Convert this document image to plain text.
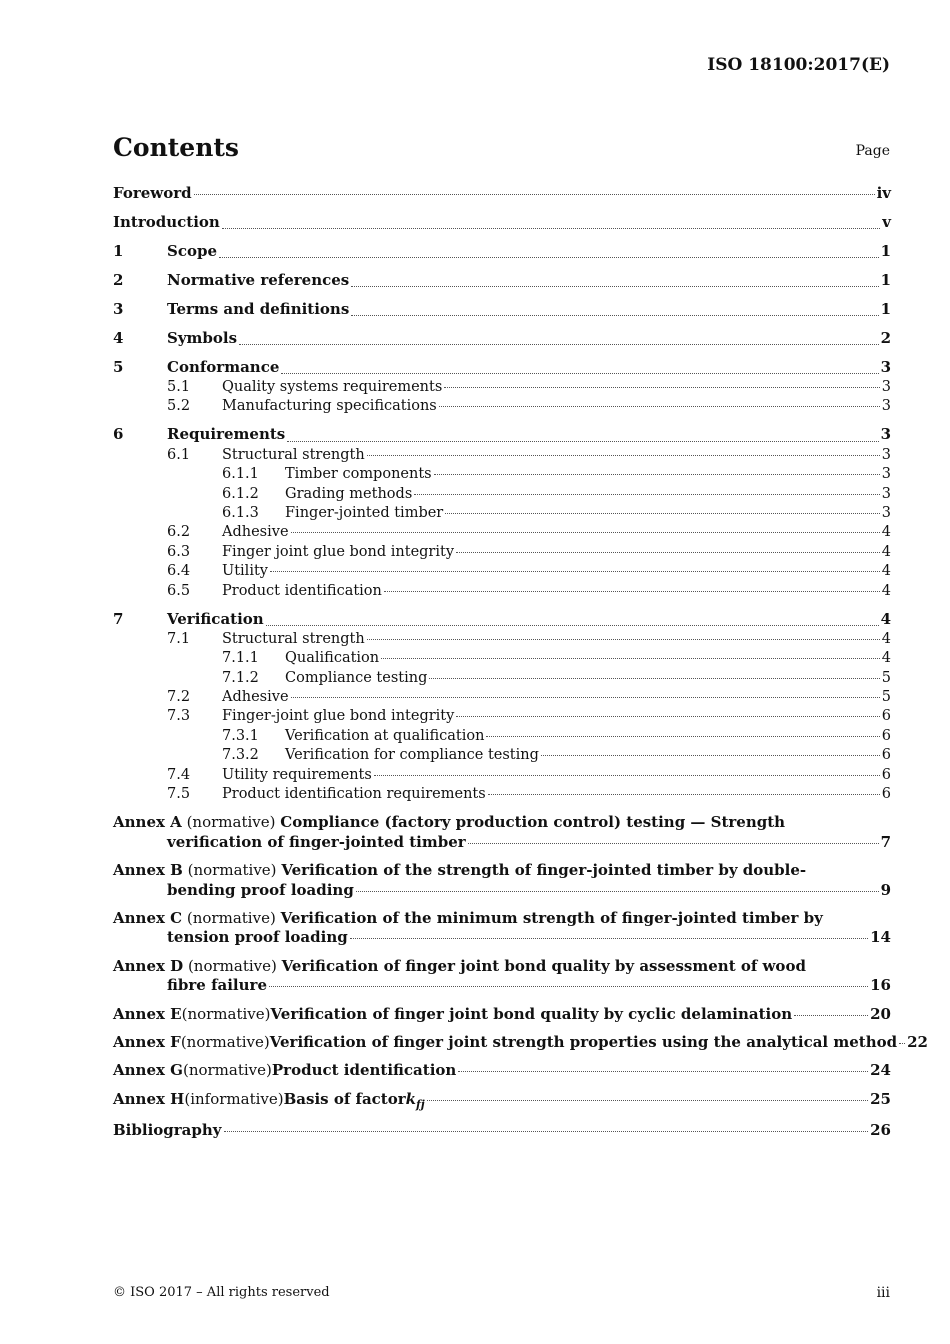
ISO 18100:2017(E)
Contents	Page
Foreword	iv
Introduction	v
1	Scope	1
2	Normative references	1
3	Terms and definitions	1
4	Symbols	2
5	Conformance	3
5.1	Quality systems requirements	3
5.2	Manufacturing specifications	3
6	Requirements	3
6.1	Structural strength	3
6.1.1	Timber components	3
6.1.2	Grading methods	3
6.1.3	Finger-jointed timber	3
6.2	Adhesive	4
6.3	Finger joint glue bond integrity	4
6.4	Utility	4
6.5	Product identification	4
7	Verification	4
7.1	Structural strength	4
7.1.1	Qualification	4
7.1.2	Compliance testing	5
7.2	Adhesive	5
7.3	Finger-joint glue bond integrity	6
7.3.1	Verification at qualification	6
7.3.2	Verification for compliance testing	6
7.4	Utility requirements	6
7.5	Product identification requirements	6
Annex A (normative) Compliance (factory production control) testing — Strength
verification of finger-jointed timber	7
Annex B (normative) Verification of the strength of finger-jointed timber by double-
bending proof loading	9
Annex C (normative) Verification of the minimum strength of finger-jointed timber by
tension proof loading	14
Annex D (normative) Verification of finger joint bond quality by assessment of wood
fibre failure	16
Annex E (normative) Verification of finger joint bond quality by cyclic delamination	20
Annex F (normative) Verification of finger joint strength properties using the analytical method 22
Annex G (normative) Product identification	24
Annex H (informative) Basis of factor $k_{fj}$	25
Bibliography	26
© ISO 2017 – All rights reserved	iii
